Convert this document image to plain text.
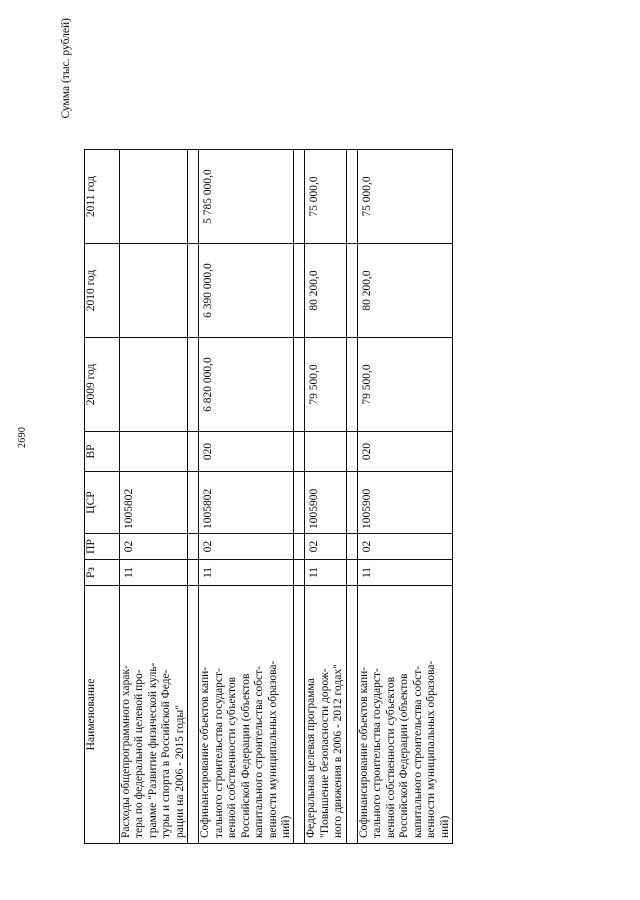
2690
Сумма (тыс. рублей)
Наименование	Рз	ПР	ЦСР	ВР	2009 год	2010 год	2011 год
Расходы общепрограммного харак-
тера по федеральной целевой про-
грамме "Развитие физической куль-
туры и спорта в Российской Феде-
рации на 2006 - 2015 годы"	11	02	1005802				

Софинансирование объектов капи-
тального строительства государст-
венной собственности субъектов
Российской Федерации (объектов
капитального строительства собст-
венности муниципальных образова-
ний)	11	02	1005802	020	6 820 000,0	6 390 000,0	5 785 000,0

Федеральная целевая программа
"Повышение безопасности дорож-
ного движения в 2006 - 2012 годах"	11	02	1005900		79 500,0	80 200,0	75 000,0

Софинансирование объектов капи-
тального строительства государст-
венной собственности субъектов
Российской Федерации (объектов
капитального строительства собст-
венности муниципальных образова-
ний)	11	02	1005900	020	79 500,0	80 200,0	75 000,0
